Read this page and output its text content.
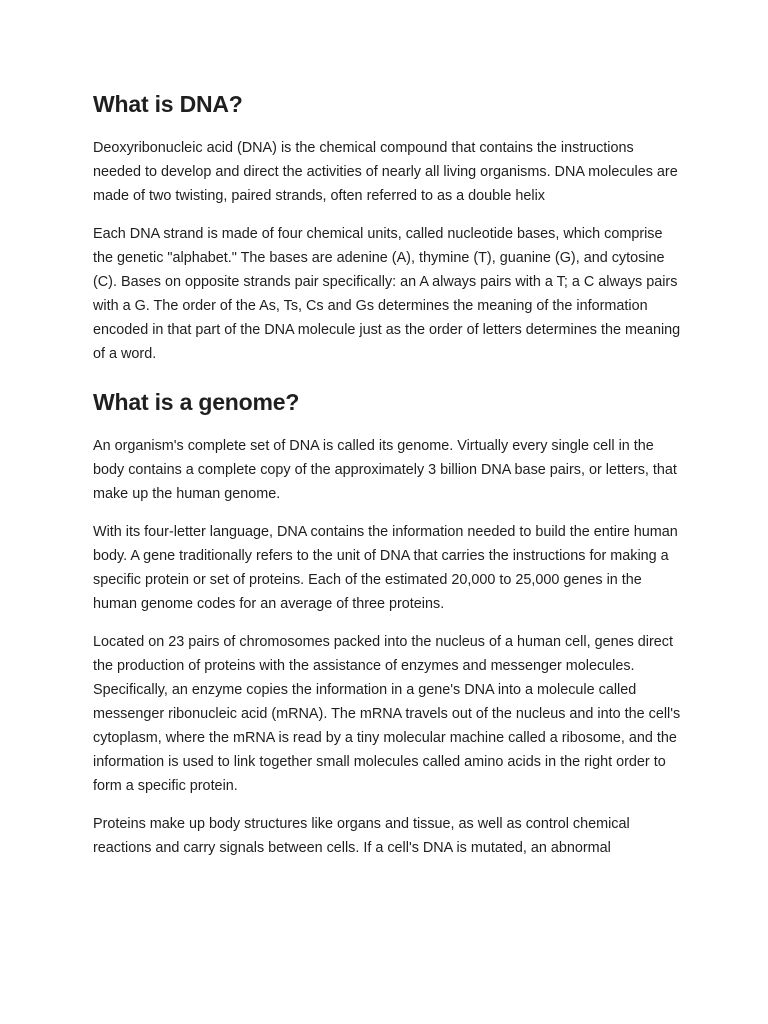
What is DNA?

Deoxyribonucleic acid (DNA) is the chemical compound that contains the instructions needed to develop and direct the activities of nearly all living organisms. DNA molecules are made of two twisting, paired strands, often referred to as a double helix

Each DNA strand is made of four chemical units, called nucleotide bases, which comprise the genetic "alphabet." The bases are adenine (A), thymine (T), guanine (G), and cytosine (C). Bases on opposite strands pair specifically: an A always pairs with a T; a C always pairs with a G. The order of the As, Ts, Cs and Gs determines the meaning of the information encoded in that part of the DNA molecule just as the order of letters determines the meaning of a word.

What is a genome?

An organism's complete set of DNA is called its genome. Virtually every single cell in the body contains a complete copy of the approximately 3 billion DNA base pairs, or letters, that make up the human genome.

With its four-letter language, DNA contains the information needed to build the entire human body. A gene traditionally refers to the unit of DNA that carries the instructions for making a specific protein or set of proteins. Each of the estimated 20,000 to 25,000 genes in the human genome codes for an average of three proteins.

Located on 23 pairs of chromosomes packed into the nucleus of a human cell, genes direct the production of proteins with the assistance of enzymes and messenger molecules. Specifically, an enzyme copies the information in a gene's DNA into a molecule called messenger ribonucleic acid (mRNA). The mRNA travels out of the nucleus and into the cell's cytoplasm, where the mRNA is read by a tiny molecular machine called a ribosome, and the information is used to link together small molecules called amino acids in the right order to form a specific protein.

Proteins make up body structures like organs and tissue, as well as control chemical reactions and carry signals between cells. If a cell's DNA is mutated, an abnormal
